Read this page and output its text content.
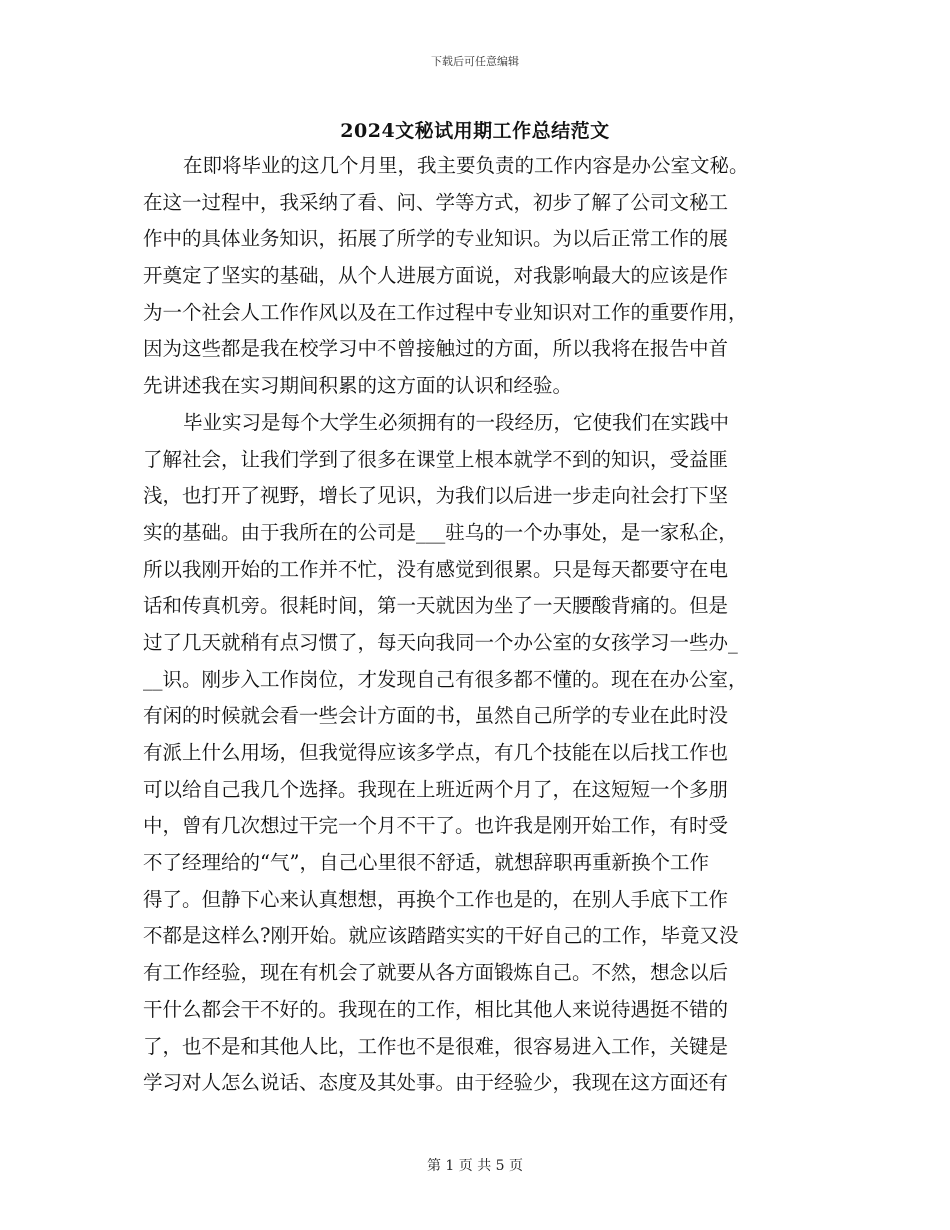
下载后可任意编辑
2024文秘试用期工作总结范文
在即将毕业的这几个月里，我主要负责的工作内容是办公室文秘。
在这一过程中，我采纳了看、问、学等方式，初步了解了公司文秘工
作中的具体业务知识，拓展了所学的专业知识。为以后正常工作的展
开奠定了坚实的基础，从个人进展方面说，对我影响最大的应该是作
为一个社会人工作作风以及在工作过程中专业知识对工作的重要作用，
因为这些都是我在校学习中不曾接触过的方面，所以我将在报告中首
先讲述我在实习期间积累的这方面的认识和经验。
毕业实习是每个大学生必须拥有的一段经历，它使我们在实践中
了解社会，让我们学到了很多在课堂上根本就学不到的知识，受益匪
浅，也打开了视野，增长了见识，为我们以后进一步走向社会打下坚
实的基础。由于我所在的公司是___驻乌的一个办事处，是一家私企，
所以我刚开始的工作并不忙，没有感觉到很累。只是每天都要守在电
话和传真机旁。很耗时间，第一天就因为坐了一天腰酸背痛的。但是
过了几天就稍有点习惯了，每天向我同一个办公室的女孩学习一些办_
__识。刚步入工作岗位，才发现自己有很多都不懂的。现在在办公室，
有闲的时候就会看一些会计方面的书，虽然自己所学的专业在此时没
有派上什么用场，但我觉得应该多学点，有几个技能在以后找工作也
可以给自己我几个选择。我现在上班近两个月了，在这短短一个多朋
中，曾有几次想过干完一个月不干了。也许我是刚开始工作，有时受
不了经理给的“气”，自己心里很不舒适，就想辞职再重新换个工作
得了。但静下心来认真想想，再换个工作也是的，在别人手底下工作
不都是这样么?刚开始。就应该踏踏实实的干好自己的工作，毕竟又没
有工作经验，现在有机会了就要从各方面锻炼自己。不然，想念以后
干什么都会干不好的。我现在的工作，相比其他人来说待遇挺不错的
了，也不是和其他人比，工作也不是很难，很容易进入工作，关键是
学习对人怎么说话、态度及其处事。由于经验少，我现在这方面还有
第 1 页 共 5 页
